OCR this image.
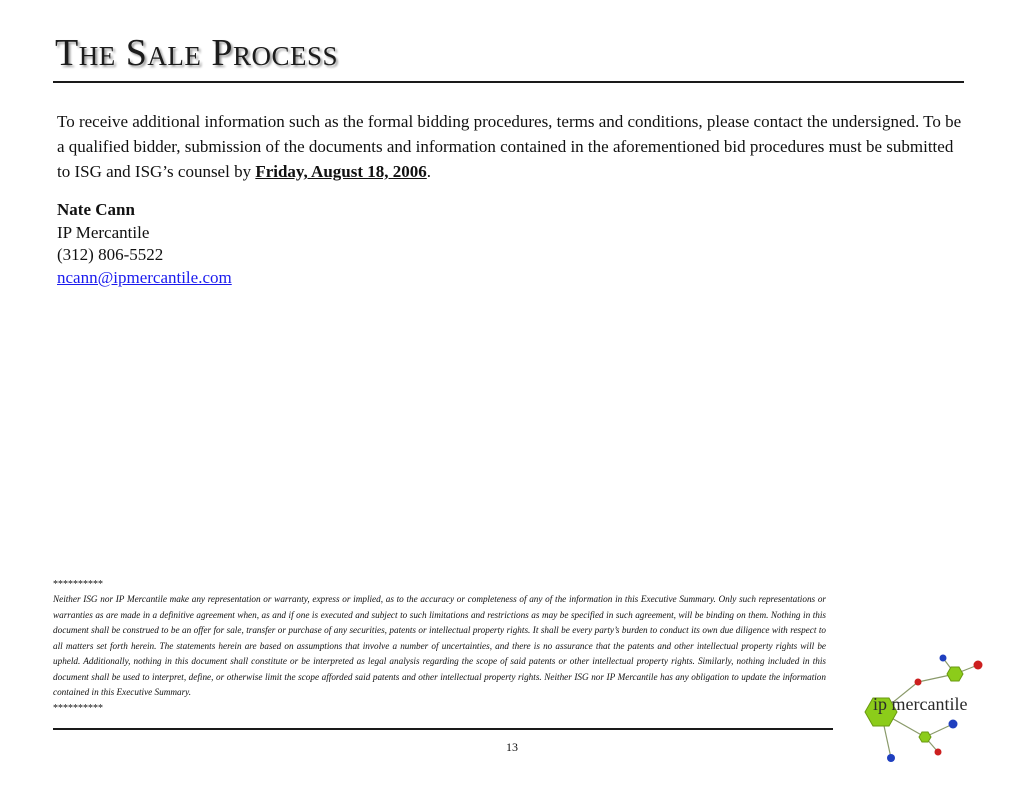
The Sale Process

To receive additional information such as the formal bidding procedures, terms and conditions, please contact the undersigned. To be a qualified bidder, submission of the documents and information contained in the aforementioned bid procedures must be submitted to ISG and ISG’s counsel by Friday, August 18, 2006.

Nate Cann
IP Mercantile
(312) 806-5522
ncann@ipmercantile.com
**********
Neither ISG nor IP Mercantile make any representation or warranty, express or implied, as to the accuracy or completeness of any of the information in this Executive Summary. Only such representations or warranties as are made in a definitive agreement when, as and if one is executed and subject to such limitations and restrictions as may be specified in such agreement, will be binding on them. Nothing in this document shall be construed to be an offer for sale, transfer or purchase of any securities, patents or intellectual property rights. It shall be every party’s burden to conduct its own due diligence with respect to all matters set forth herein. The statements herein are based on assumptions that involve a number of uncertainties, and there is no assurance that the patents and other intellectual property rights will be upheld. Additionally, nothing in this document shall constitute or be interpreted as legal analysis regarding the scope of said patents or other intellectual property rights. Similarly, nothing included in this document shall be used to interpret, define, or otherwise limit the scope afforded said patents and other intellectual property rights. Neither ISG nor IP Mercantile has any obligation to update the information contained in this Executive Summary.
**********
13
ip mercantile
